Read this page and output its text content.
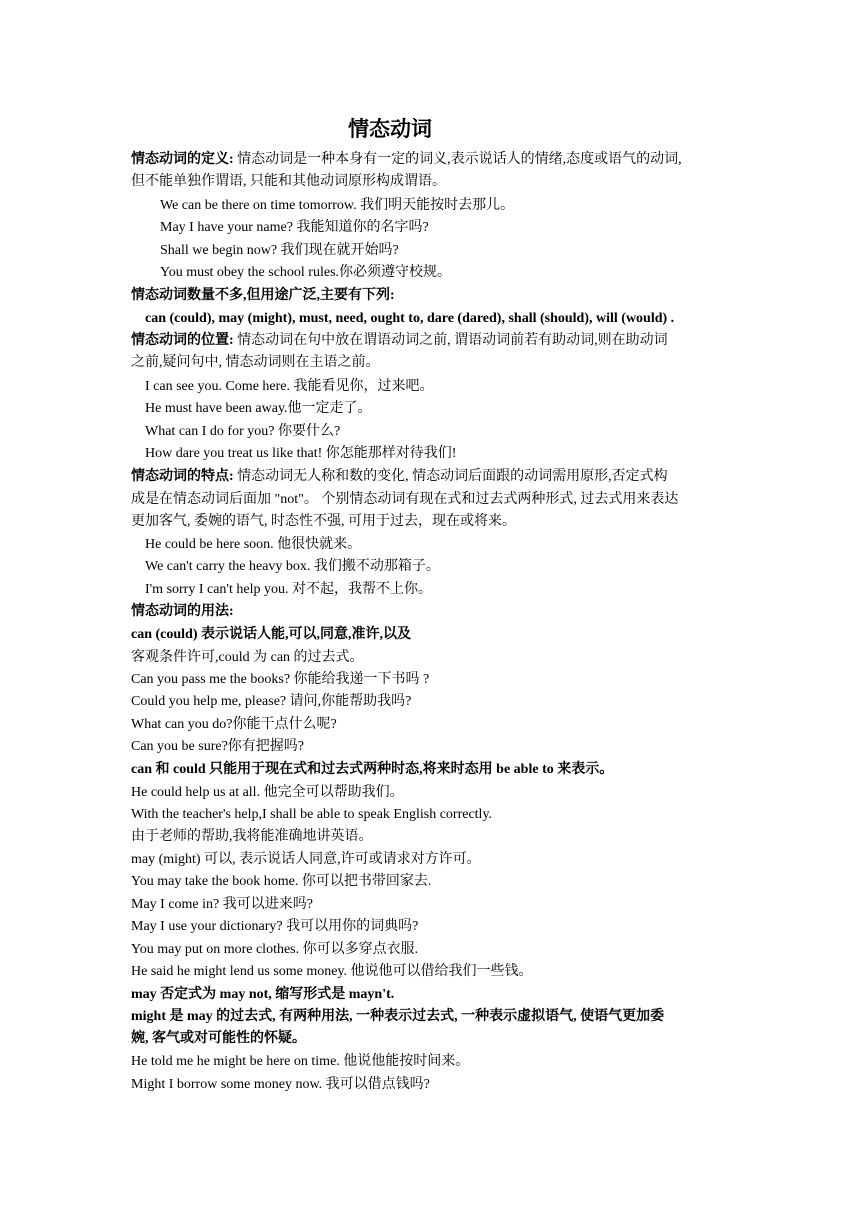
情态动词
情态动词的定义: 情态动词是一种本身有一定的词义,表示说话人的情绪,态度或语气的动词,
但不能单独作谓语, 只能和其他动词原形构成谓语。
We can be there on time tomorrow. 我们明天能按时去那儿。
May I have your name? 我能知道你的名字吗?
Shall we begin now? 我们现在就开始吗?
You must obey the school rules.你必须遵守校规。
情态动词数量不多,但用途广泛,主要有下列:
can (could), may (might), must, need, ought to, dare (dared), shall (should), will (would) .
情态动词的位置: 情态动词在句中放在谓语动词之前, 谓语动词前若有助动词,则在助动词
之前,疑问句中, 情态动词则在主语之前。
I can see you. Come here. 我能看见你，过来吧。
He must have been away.他一定走了。
What can I do for you? 你要什么?
How dare you treat us like that! 你怎能那样对待我们!
情态动词的特点: 情态动词无人称和数的变化, 情态动词后面跟的动词需用原形,否定式构
成是在情态动词后面加 "not"。 个别情态动词有现在式和过去式两种形式, 过去式用来表达
更加客气, 委婉的语气, 时态性不强, 可用于过去，现在或将来。
He could be here soon. 他很快就来。
We can't carry the heavy box. 我们搬不动那箱子。
I'm sorry I can't help you. 对不起，我帮不上你。
情态动词的用法:
can (could) 表示说话人能,可以,同意,准许,以及
客观条件许可,could 为 can 的过去式。
Can you pass me the books? 你能给我递一下书吗 ?
Could you help me, please? 请问,你能帮助我吗?
What can you do?你能干点什么呢?
Can you be sure?你有把握吗?
can 和 could 只能用于现在式和过去式两种时态,将来时态用 be able to 来表示。
He could help us at all. 他完全可以帮助我们。
With the teacher's help,I shall be able to speak English correctly.
由于老师的帮助,我将能准确地讲英语。
may (might) 可以, 表示说话人同意,许可或请求对方许可。
You may take the book home. 你可以把书带回家去.
May I come in? 我可以进来吗?
May I use your dictionary? 我可以用你的词典吗?
You may put on more clothes. 你可以多穿点衣服.
He said he might lend us some money. 他说他可以借给我们一些钱。
may 否定式为 may not, 缩写形式是 mayn't.
might 是 may 的过去式, 有两种用法, 一种表示过去式, 一种表示虚拟语气, 使语气更加委
婉, 客气或对可能性的怀疑。
He told me he might be here on time. 他说他能按时间来。
Might I borrow some money now. 我可以借点钱吗?
